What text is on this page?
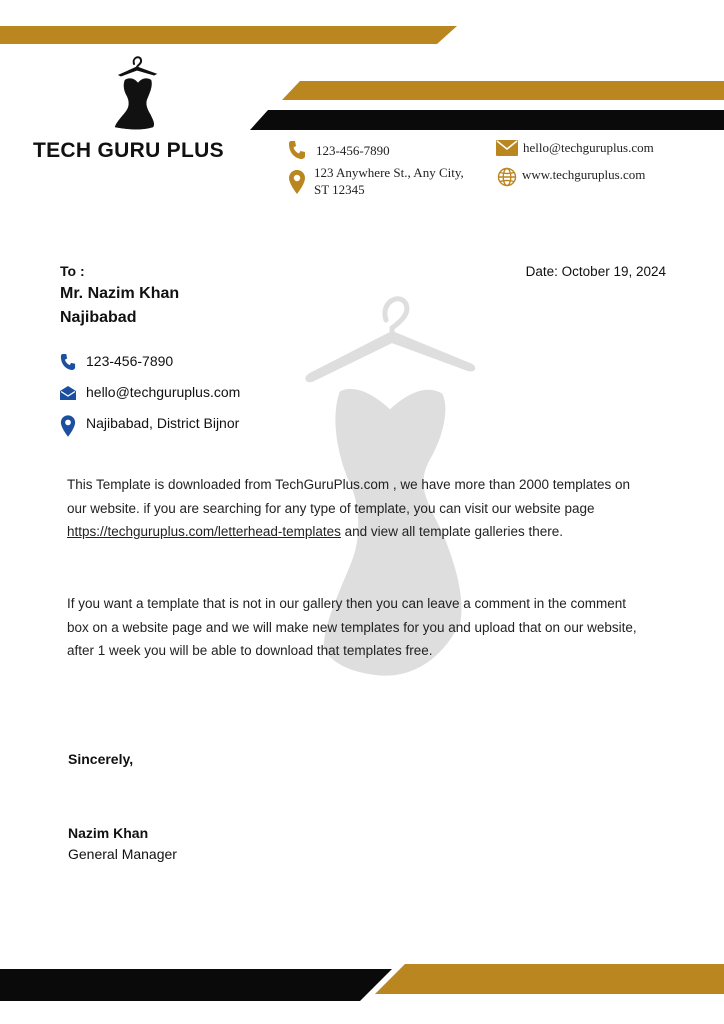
TECH GURU PLUS	123-456-7890
123 Anywhere St., Any City,
ST 12345
hello@techguruplus.com
www.techguruplus.com
To :
Mr. Nazim Khan
Najibabad
Date: October 19, 2024
123-456-7890
hello@techguruplus.com
Najibabad, District Bijnor
This Template is downloaded from TechGuruPlus.com , we have more than 2000 templates on our website. if you are searching for any type of template, you can visit our website page https://techguruplus.com/letterhead-templates and view all template galleries there.
If you want a template that is not in our gallery then you can leave a comment in the comment box on a website page and we will make new templates for you and upload that on our website, after 1 week you will be able to download that templates free.
Sincerely,
Nazim Khan
General Manager
